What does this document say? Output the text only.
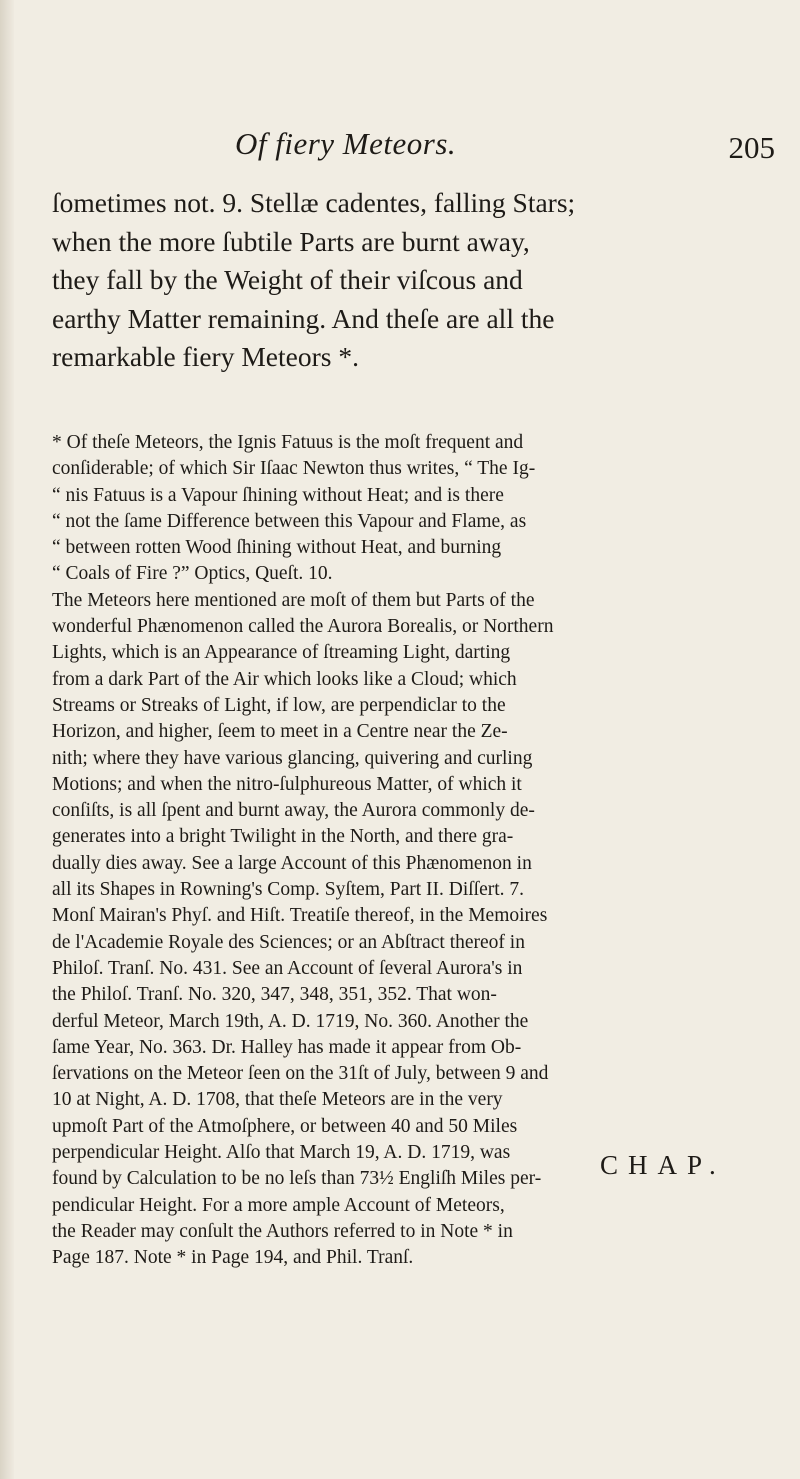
Of fiery Meteors.	205

ſometimes not. 9. Stellæ cadentes, falling Stars;
when the more ſubtile Parts are burnt away,
they fall by the Weight of their viſcous and
earthy Matter remaining. And theſe are all the
remarkable fiery Meteors *.

* Of theſe Meteors, the Ignis Fatuus is the moſt frequent and
conſiderable; of which Sir Iſaac Newton thus writes, “ The Ig-
“ nis Fatuus is a Vapour ſhining without Heat; and is there
“ not the ſame Difference between this Vapour and Flame, as
“ between rotten Wood ſhining without Heat, and burning
“ Coals of Fire ?” Optics, Queſt. 10.
The Meteors here mentioned are moſt of them but Parts of the
wonderful Phænomenon called the Aurora Borealis, or Northern
Lights, which is an Appearance of ſtreaming Light, darting
from a dark Part of the Air which looks like a Cloud; which
Streams or Streaks of Light, if low, are perpendiclar to the
Horizon, and higher, ſeem to meet in a Centre near the Ze-
nith; where they have various glancing, quivering and curling
Motions; and when the nitro-ſulphureous Matter, of which it
conſiſts, is all ſpent and burnt away, the Aurora commonly de-
generates into a bright Twilight in the North, and there gra-
dually dies away. See a large Account of this Phænomenon in
all its Shapes in Rowning's Comp. Syſtem, Part II. Diſſert. 7.
Monſ Mairan's Phyſ. and Hiſt. Treatiſe thereof, in the Memoires
de l'Academie Royale des Sciences; or an Abſtract thereof in
Philoſ. Tranſ. No. 431. See an Account of ſeveral Aurora's in
the Philoſ. Tranſ. No. 320, 347, 348, 351, 352. That won-
derful Meteor, March 19th, A. D. 1719, No. 360. Another the
ſame Year, No. 363. Dr. Halley has made it appear from Ob-
ſervations on the Meteor ſeen on the 31ſt of July, between 9 and
10 at Night, A. D. 1708, that theſe Meteors are in the very
upmoſt Part of the Atmoſphere, or between 40 and 50 Miles
perpendicular Height. Alſo that March 19, A. D. 1719, was
found by Calculation to be no leſs than 73½ Engliſh Miles per-
pendicular Height. For a more ample Account of Meteors,
the Reader may conſult the Authors referred to in Note * in
Page 187. Note * in Page 194, and Phil. Tranſ.
CHAP.
